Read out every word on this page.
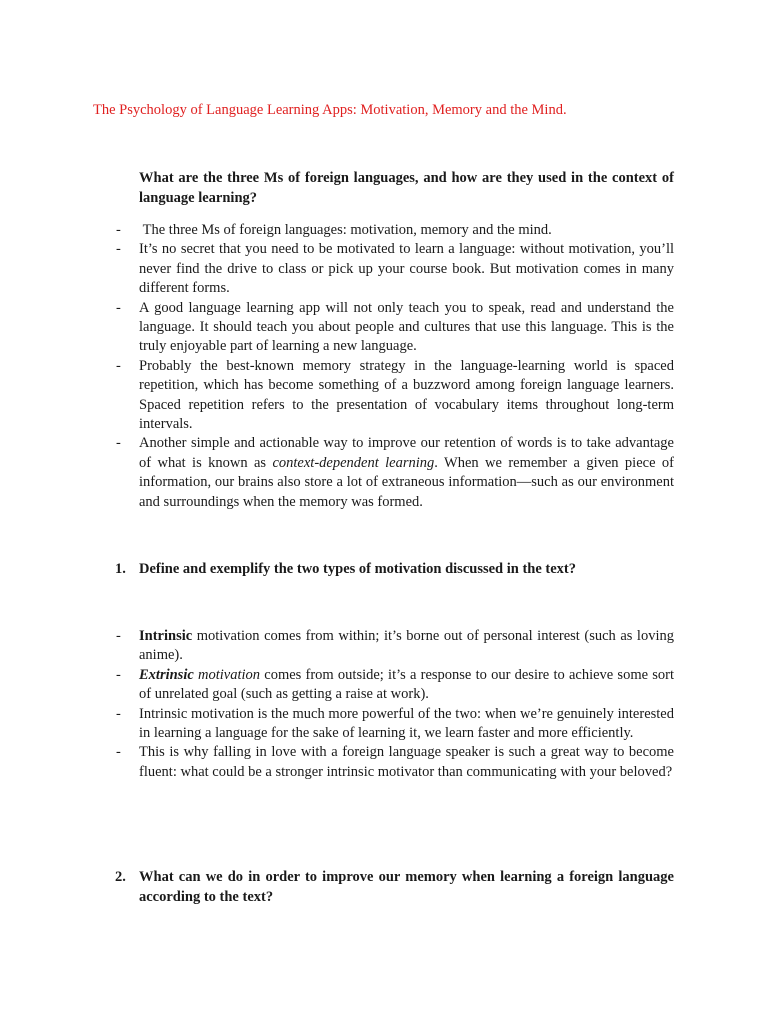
The Psychology of Language Learning Apps: Motivation, Memory and the Mind.
What are the three Ms of foreign languages, and how are they used in the context of language learning?
- The three Ms of foreign languages: motivation, memory and the mind.
- It’s no secret that you need to be motivated to learn a language: without motivation, you’ll never find the drive to class or pick up your course book. But motivation comes in many different forms.
- A good language learning app will not only teach you to speak, read and understand the language. It should teach you about people and cultures that use this language. This is the truly enjoyable part of learning a new language.
- Probably the best-known memory strategy in the language-learning world is spaced repetition, which has become something of a buzzword among foreign language learners. Spaced repetition refers to the presentation of vocabulary items throughout long-term intervals.
- Another simple and actionable way to improve our retention of words is to take advantage of what is known as context-dependent learning. When we remember a given piece of information, our brains also store a lot of extraneous information—such as our environment and surroundings when the memory was formed.
1. Define and exemplify the two types of motivation discussed in the text?
- Intrinsic motivation comes from within; it’s borne out of personal interest (such as loving anime).
- Extrinsic motivation comes from outside; it’s a response to our desire to achieve some sort of unrelated goal (such as getting a raise at work).
- Intrinsic motivation is the much more powerful of the two: when we’re genuinely interested in learning a language for the sake of learning it, we learn faster and more efficiently.
- This is why falling in love with a foreign language speaker is such a great way to become fluent: what could be a stronger intrinsic motivator than communicating with your beloved?
2. What can we do in order to improve our memory when learning a foreign language according to the text?
